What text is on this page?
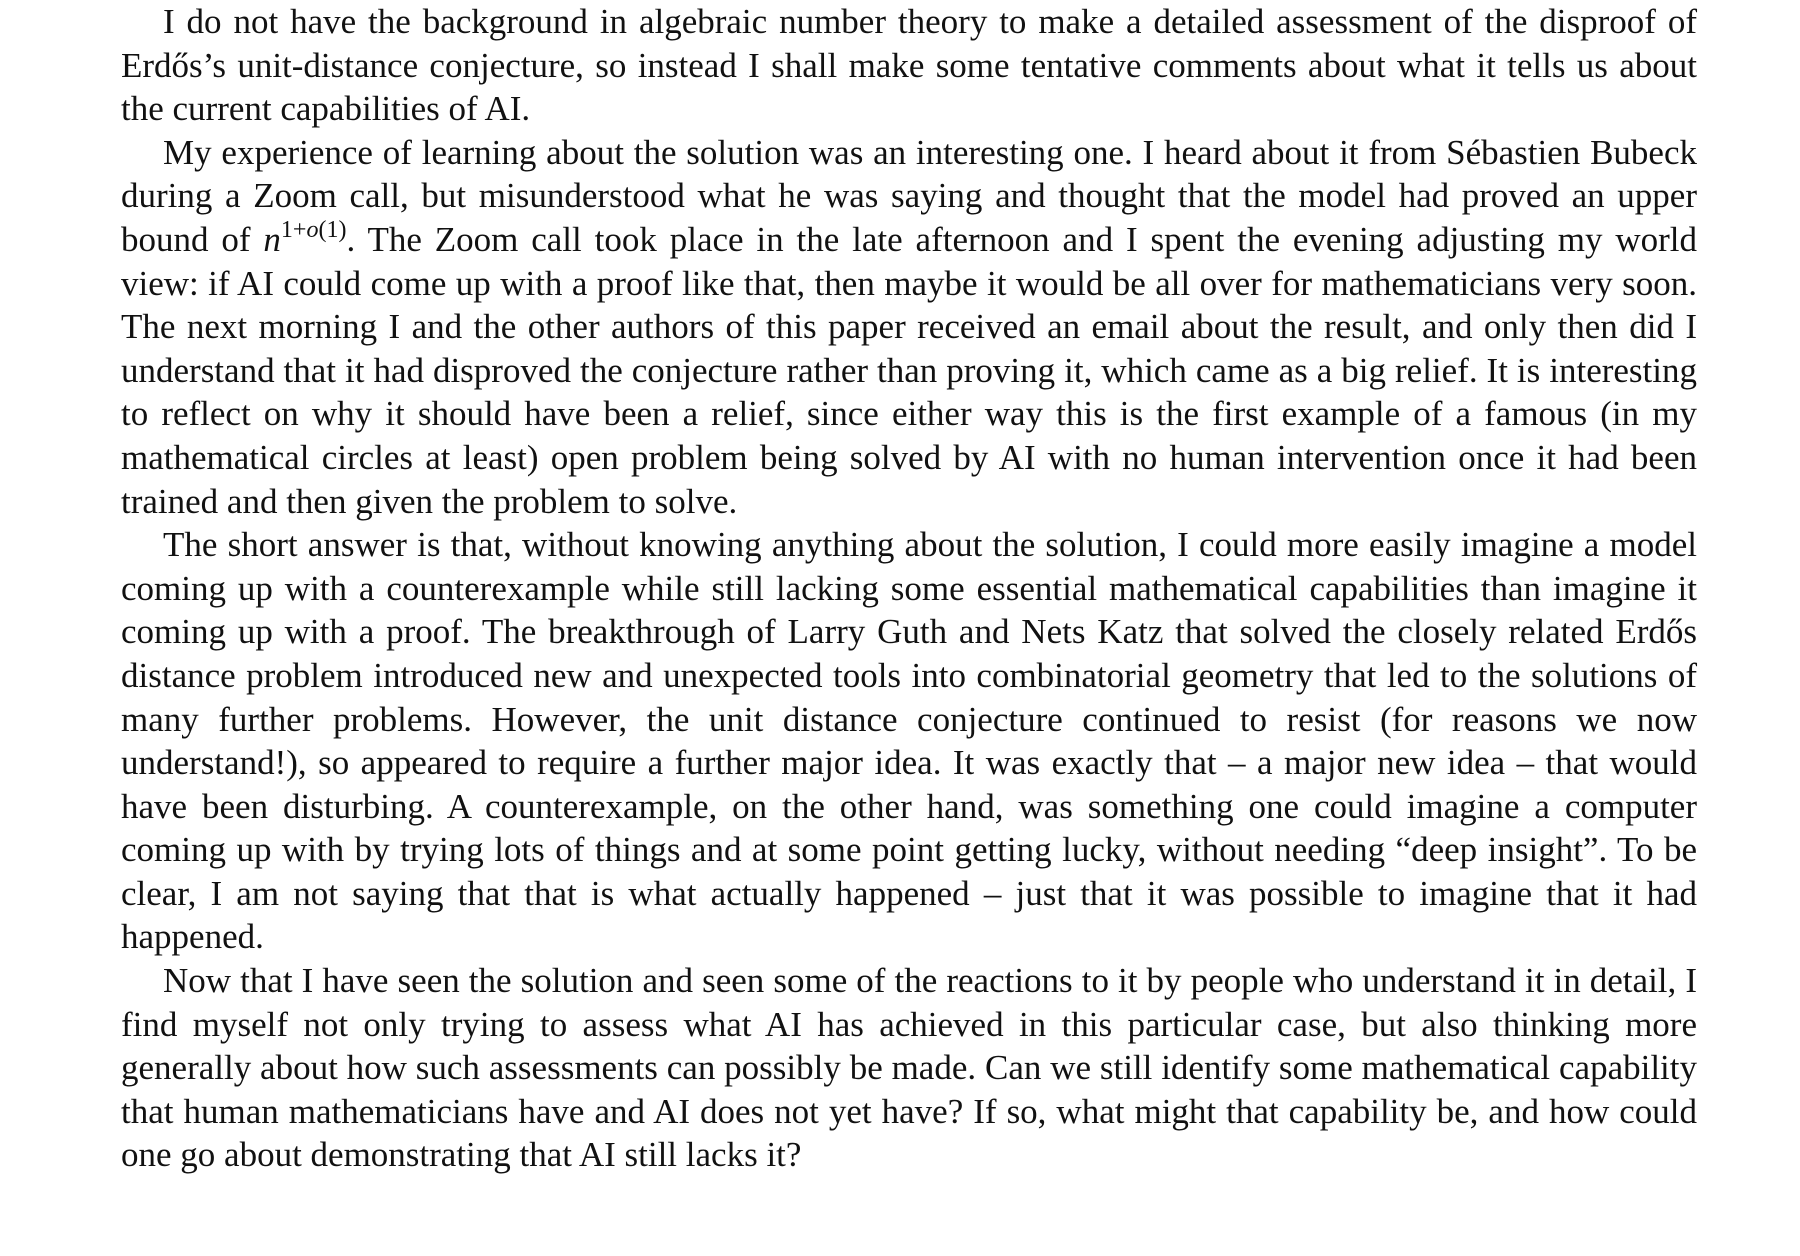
I do not have the background in algebraic number theory to make a detailed assessment of the disproof of Erdős’s unit-distance conjecture, so instead I shall make some tentative comments about what it tells us about the current capabilities of AI.

My experience of learning about the solution was an interesting one. I heard about it from Sébastien Bubeck during a Zoom call, but misunderstood what he was saying and thought that the model had proved an upper bound of $n^{1+o(1)}$. The Zoom call took place in the late afternoon and I spent the evening adjusting my world view: if AI could come up with a proof like that, then maybe it would be all over for mathematicians very soon. The next morning I and the other authors of this paper received an email about the result, and only then did I understand that it had disproved the conjecture rather than proving it, which came as a big relief. It is interesting to reflect on why it should have been a relief, since either way this is the first example of a famous (in my mathematical circles at least) open problem being solved by AI with no human intervention once it had been trained and then given the problem to solve.

The short answer is that, without knowing anything about the solution, I could more easily imagine a model coming up with a counterexample while still lacking some essential mathematical capabilities than imagine it coming up with a proof. The breakthrough of Larry Guth and Nets Katz that solved the closely related Erdős distance problem introduced new and unexpected tools into combinatorial geometry that led to the solutions of many further problems. However, the unit distance conjecture continued to resist (for reasons we now understand!), so appeared to require a further major idea. It was exactly that – a major new idea – that would have been disturbing. A counterexample, on the other hand, was something one could imagine a computer coming up with by trying lots of things and at some point getting lucky, without needing “deep insight”. To be clear, I am not saying that that is what actually happened – just that it was possible to imagine that it had happened.

Now that I have seen the solution and seen some of the reactions to it by people who understand it in detail, I find myself not only trying to assess what AI has achieved in this particular case, but also thinking more generally about how such assessments can possibly be made. Can we still identify some mathematical capability that human mathematicians have and AI does not yet have? If so, what might that capability be, and how could one go about demonstrating that AI still lacks it?
